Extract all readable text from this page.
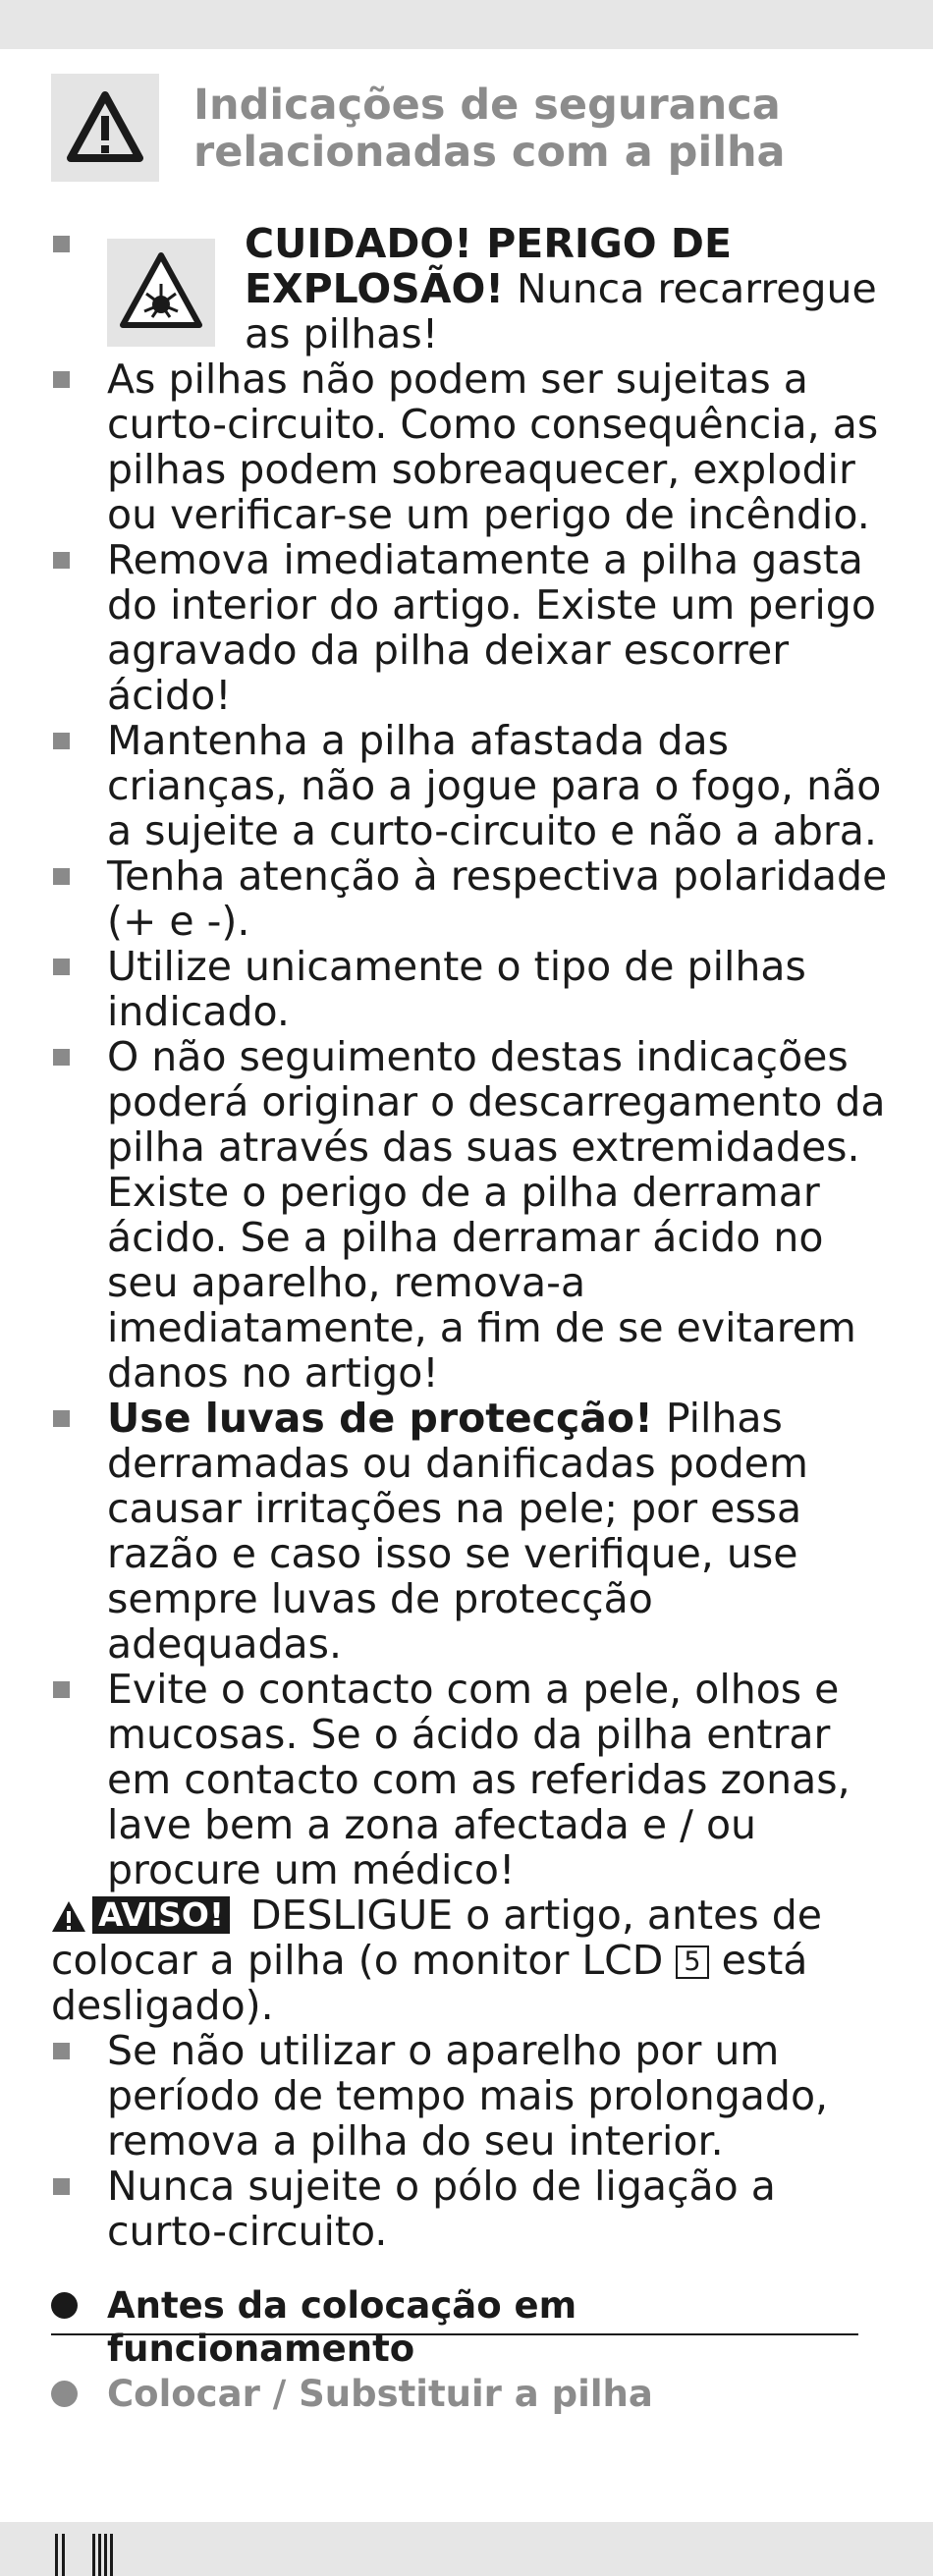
Indicações de seguranca
relacionadas com a pilha
CUIDADO! PERIGO DE EXPLOSÃO! Nunca recarregue as pilhas!
As pilhas não podem ser sujeitas a curto-circuito. Como consequência, as pilhas podem sobreaquecer, explodir ou verificar-se um perigo de incêndio.
Remova imediatamente a pilha gasta do interior do artigo. Existe um perigo agravado da pilha deixar escorrer ácido!
Mantenha a pilha afastada das crianças, não a jogue para o fogo, não a sujeite a curto-circuito e não a abra.
Tenha atenção à respectiva polaridade (+ e -).
Utilize unicamente o tipo de pilhas indicado.
O não seguimento destas indicações poderá originar o descarregamento da pilha através das suas extremidades. Existe o perigo de a pilha derramar ácido. Se a pilha derramar ácido no seu aparelho, remova-a imediatamente, a fim de se evitarem danos no artigo!
Use luvas de protecção! Pilhas derramadas ou danificadas podem causar irritações na pele; por essa razão e caso isso se verifique, use sempre luvas de protecção adequadas.
Evite o contacto com a pele, olhos e mucosas. Se o ácido da pilha entrar em contacto com as referidas zonas, lave bem a zona afectada e / ou procure um médico!

AVISO! DESLIGUE o artigo, antes de colocar a pilha (o monitor LCD 5 está desligado).

Se não utilizar o aparelho por um período de tempo mais prolongado, remova a pilha do seu interior.
Nunca sujeite o pólo de ligação a curto-circuito.
Antes da colocação em funcionamento
Colocar / Substituir a pilha
